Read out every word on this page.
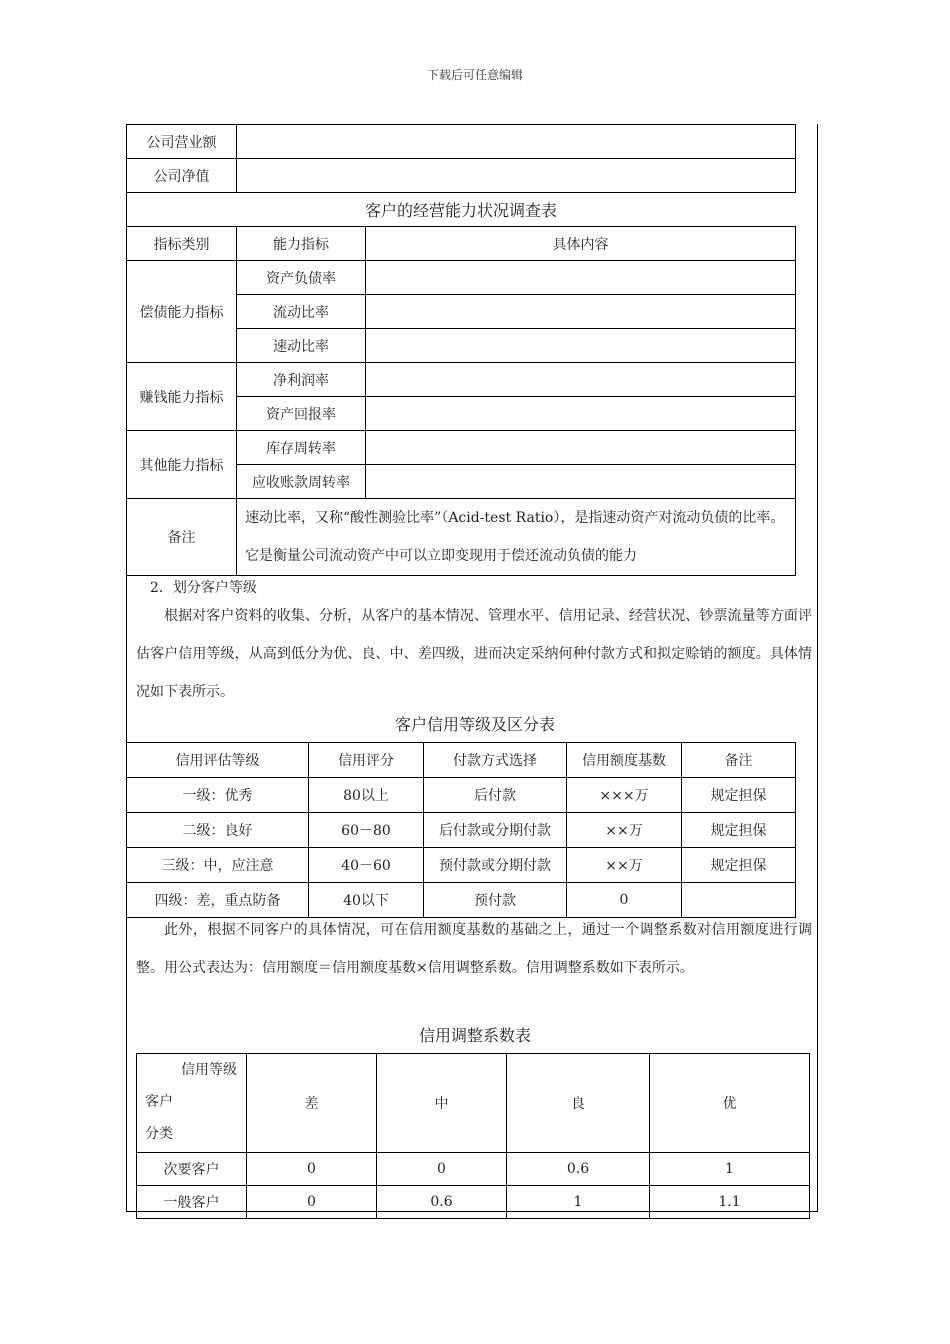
下载后可任意编辑
公司营业额		
公司净值		
客户的经营能力状况调查表		
指标类别	能力指标	具体内容
偿债能力指标	资产负债率	
	流动比率	
	速动比率	
赚钱能力指标	净利润率	
	资产回报率	
其他能力指标	库存周转率	
	应收账款周转率	
备注	速动比率，又称“酸性测验比率”（Acid-test Ratio），是指速动资产对流动负债的比率。它是衡量公司流动资产中可以立即变现用于偿还流动负债的能力	
2．划分客户等级
根据对客户资料的收集、分析，从客户的基本情况、管理水平、信用记录、经营状况、钞票流量等方面评估客户信用等级，从高到低分为优、良、中、差四级，进而决定采纳何种付款方式和拟定赊销的额度。具体情况如下表所示。
客户信用等级及区分表
信用评估等级	信用评分	付款方式选择	信用额度基数	备注
一级：优秀	80以上	后付款	×××万	规定担保
二级：良好	60－80	后付款或分期付款	××万	规定担保
三级：中，应注意	40－60	预付款或分期付款	××万	规定担保
四级：差，重点防备	40以下	预付款	0	
此外，根据不同客户的具体情况，可在信用额度基数的基础之上，通过一个调整系数对信用额度进行调整。用公式表达为：信用额度＝信用额度基数×信用调整系数。信用调整系数如下表所示。
信用调整系数表
信用等级
客户
分类	差	中	良	优
次要客户	0	0	0.6	1
一般客户	0	0.6	1	1.1
